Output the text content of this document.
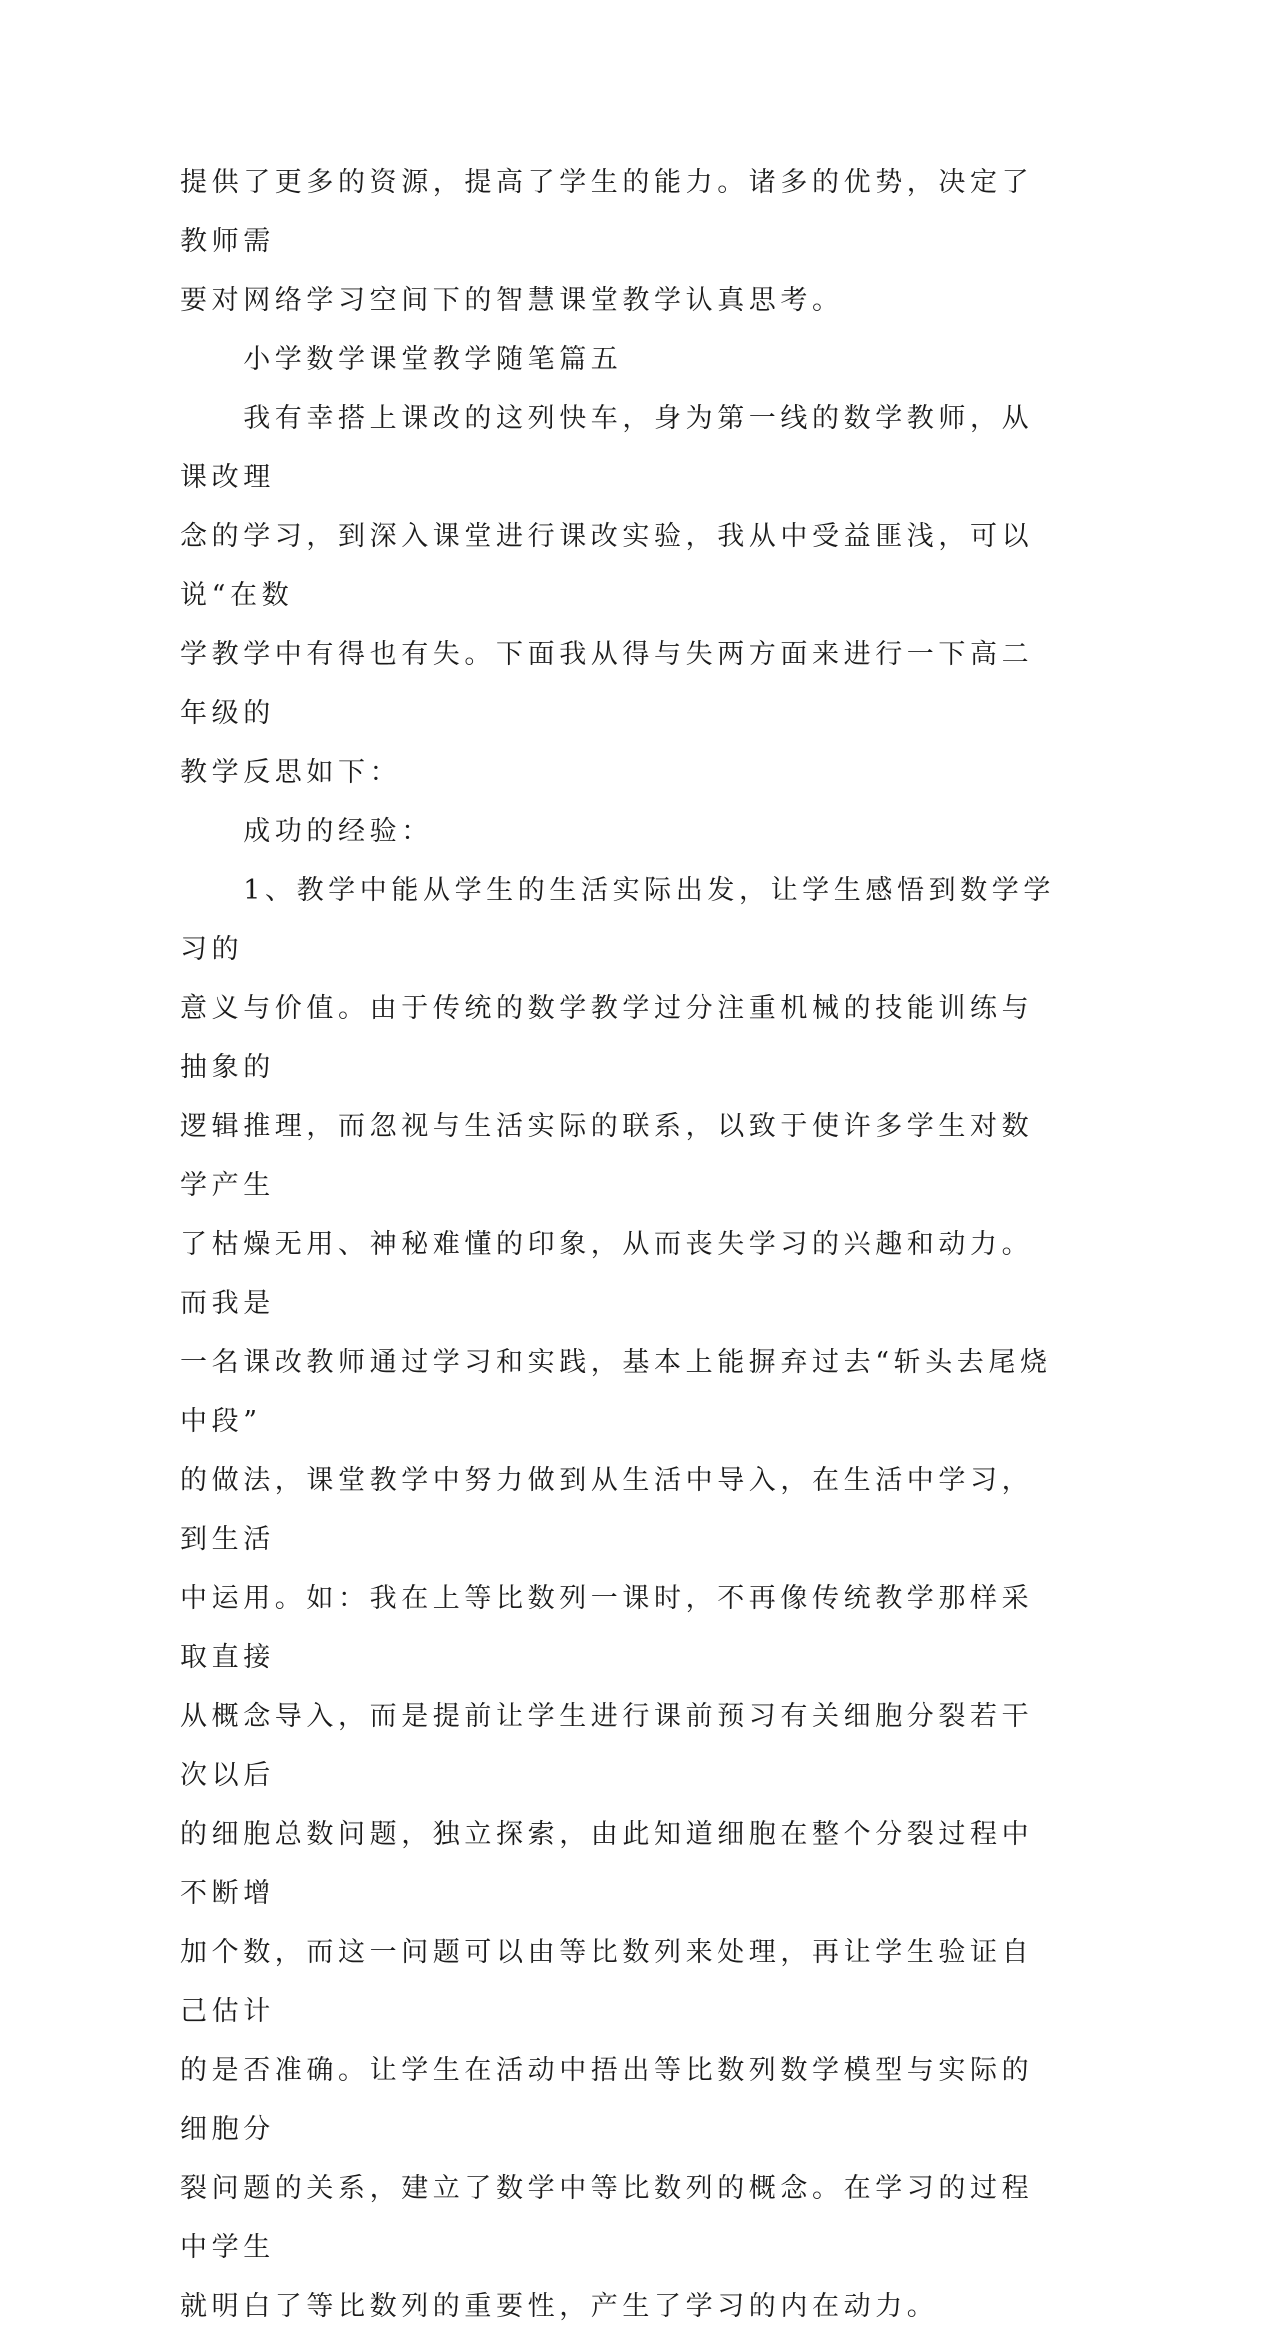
提供了更多的资源，提高了学生的能力。诸多的优势，决定了教师需
要对网络学习空间下的智慧课堂教学认真思考。

　　小学数学课堂教学随笔篇五

　　我有幸搭上课改的这列快车，身为第一线的数学教师，从课改理
念的学习，到深入课堂进行课改实验，我从中受益匪浅，可以说“在数
学教学中有得也有失。下面我从得与失两方面来进行一下高二年级的
教学反思如下：

　　成功的经验：

　　1、教学中能从学生的生活实际出发，让学生感悟到数学学习的
意义与价值。由于传统的数学教学过分注重机械的技能训练与抽象的
逻辑推理，而忽视与生活实际的联系，以致于使许多学生对数学产生
了枯燥无用、神秘难懂的印象，从而丧失学习的兴趣和动力。而我是
一名课改教师通过学习和实践，基本上能摒弃过去“斩头去尾烧中段”
的做法，课堂教学中努力做到从生活中导入，在生活中学习，到生活
中运用。如：我在上等比数列一课时，不再像传统教学那样采取直接
从概念导入，而是提前让学生进行课前预习有关细胞分裂若干次以后
的细胞总数问题，独立探索，由此知道细胞在整个分裂过程中不断增
加个数，而这一问题可以由等比数列来处理，再让学生验证自己估计
的是否准确。让学生在活动中捂出等比数列数学模型与实际的细胞分
裂问题的关系，建立了数学中等比数列的概念。在学习的过程中学生
就明白了等比数列的重要性，产生了学习的内在动力。
